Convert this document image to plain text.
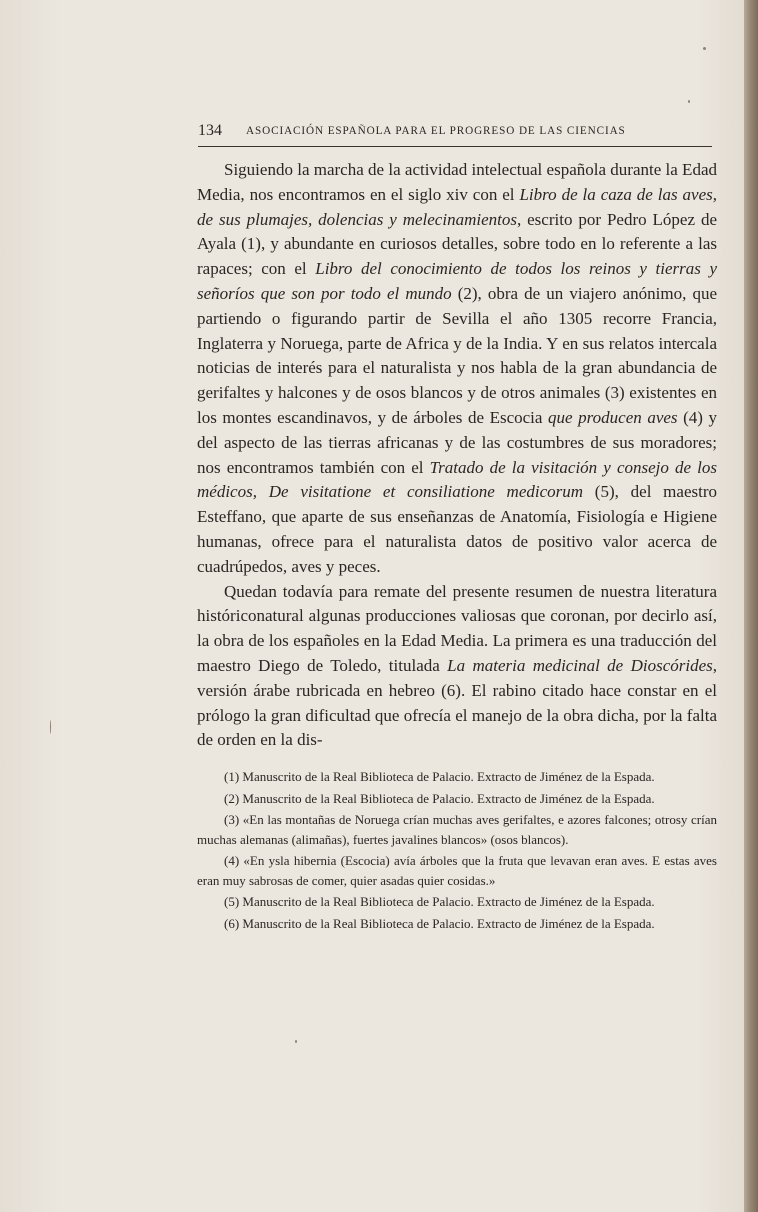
134 ASOCIACIÓN ESPAÑOLA PARA EL PROGRESO DE LAS CIENCIAS

Siguiendo la marcha de la actividad intelectual española durante la Edad Media, nos encontramos en el siglo xiv con el Libro de la caza de las aves, de sus plumajes, dolencias y melecinamientos, escrito por Pedro López de Ayala (1), y abundante en curiosos detalles, sobre todo en lo referente a las rapaces; con el Libro del conocimiento de todos los reinos y tierras y señoríos que son por todo el mundo (2), obra de un viajero anónimo, que partiendo o figurando partir de Sevilla el año 1305 recorre Francia, Inglaterra y Noruega, parte de Africa y de la India. Y en sus relatos intercala noticias de interés para el naturalista y nos habla de la gran abundancia de gerifaltes y halcones y de osos blancos y de otros animales (3) existentes en los montes escandinavos, y de árboles de Escocia que producen aves (4) y del aspecto de las tierras africanas y de las costumbres de sus moradores; nos encontramos también con el Tratado de la visitación y consejo de los médicos, De visitatione et consiliatione medicorum (5), del maestro Esteffano, que aparte de sus enseñanzas de Anatomía, Fisiología e Higiene humanas, ofrece para el naturalista datos de positivo valor acerca de cuadrúpedos, aves y peces.

Quedan todavía para remate del presente resumen de nuestra literatura históriconatural algunas producciones valiosas que coronan, por decirlo así, la obra de los españoles en la Edad Media. La primera es una traducción del maestro Diego de Toledo, titulada La materia medicinal de Dioscórides, versión árabe rubricada en hebreo (6). El rabino citado hace constar en el prólogo la gran dificultad que ofrecía el manejo de la obra dicha, por la falta de orden en la dis-

(1) Manuscrito de la Real Biblioteca de Palacio. Extracto de Jiménez de la Espada.

(2) Manuscrito de la Real Biblioteca de Palacio. Extracto de Jiménez de la Espada.

(3) «En las montañas de Noruega crían muchas aves gerifaltes, e azores falcones; otrosy crían muchas alemanas (alimañas), fuertes javalines blancos» (osos blancos).

(4) «En ysla hibernia (Escocia) avía árboles que la fruta que levavan eran aves. E estas aves eran muy sabrosas de comer, quier asadas quier cosidas.»

(5) Manuscrito de la Real Biblioteca de Palacio. Extracto de Jiménez de la Espada.

(6) Manuscrito de la Real Biblioteca de Palacio. Extracto de Jiménez de la Espada.
